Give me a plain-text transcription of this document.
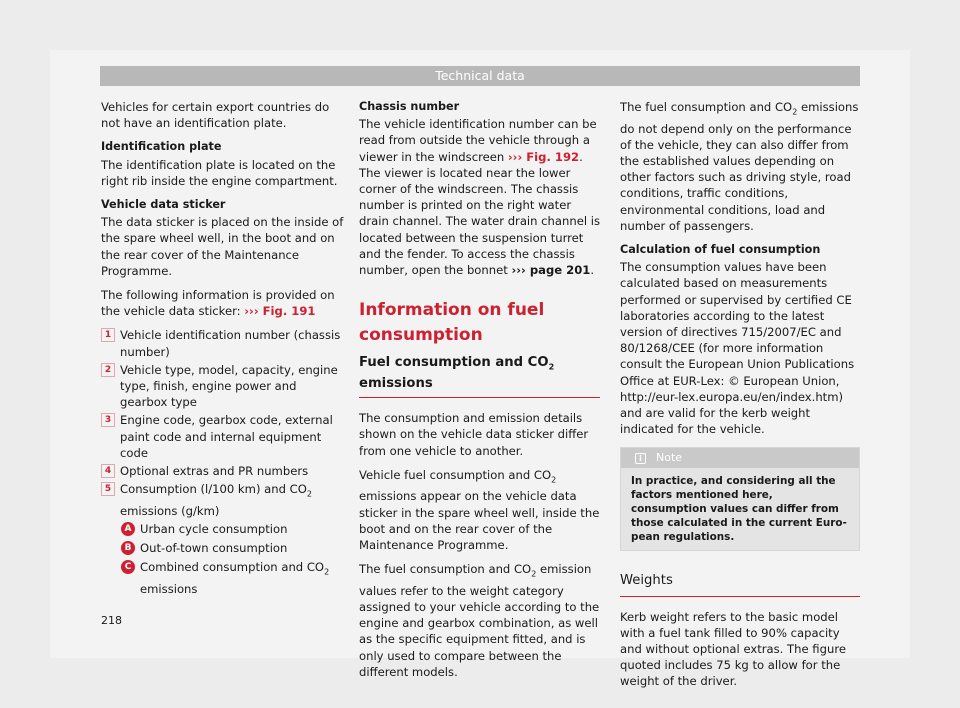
Technical data

Vehicles for certain export countries do not have an identification plate.

Identification plate

The identification plate is located on the right rib inside the engine compartment.

Vehicle data sticker

The data sticker is placed on the inside of the spare wheel well, in the boot and on the rear cover of the Maintenance Programme.

The following information is provided on the vehicle data sticker: ››› Fig. 191

1 Vehicle identification number (chassis number)
2 Vehicle type, model, capacity, engine type, finish, engine power and gearbox type
3 Engine code, gearbox code, external paint code and internal equipment code
4 Optional extras and PR numbers
5 Consumption (l/100 km) and $CO_2$ emissions (g/km)
A Urban cycle consumption
B Out-of-town consumption
C Combined consumption and $CO_2$ emissions
Chassis number

The vehicle identification number can be read from outside the vehicle through a viewer in the windscreen ››› Fig. 192. The viewer is located near the lower corner of the windscreen. The chassis number is printed on the right water drain channel. The water drain channel is located between the suspension turret and the fender. To access the chassis number, open the bonnet ››› page 201.

Information on fuel consumption
Fuel consumption and $CO_2$ emissions

The consumption and emission details shown on the vehicle data sticker differ from one vehicle to another.

Vehicle fuel consumption and $CO_2$ emissions appear on the vehicle data sticker in the spare wheel well, inside the boot and on the rear cover of the Maintenance Programme.

The fuel consumption and $CO_2$ emission values refer to the weight category assigned to your vehicle according to the engine and gearbox combination, as well as the specific equipment fitted, and is only used to compare between the different models.

The fuel consumption and $CO_2$ emissions do not depend only on the performance of the vehicle, they can also differ from the established values depending on other factors such as driving style, road conditions, traffic conditions, environmental conditions, load and number of passengers.

Calculation of fuel consumption

The consumption values have been calculated based on measurements performed or supervised by certified CE laboratories according to the latest version of directives 715/2007/EC and 80/1268/CEE (for more information consult the European Union Publications Office at EUR-Lex: © European Union, http://eur-lex.europa.eu/en/index.htm) and are valid for the kerb weight indicated for the vehicle.

i	Note
In practice, and considering all the factors mentioned here, consumption values can differ from those calculated in the current European regulations.
Weights

Kerb weight refers to the basic model with a fuel tank filled to 90% capacity and without optional extras. The figure quoted includes 75 kg to allow for the weight of the driver.

218
